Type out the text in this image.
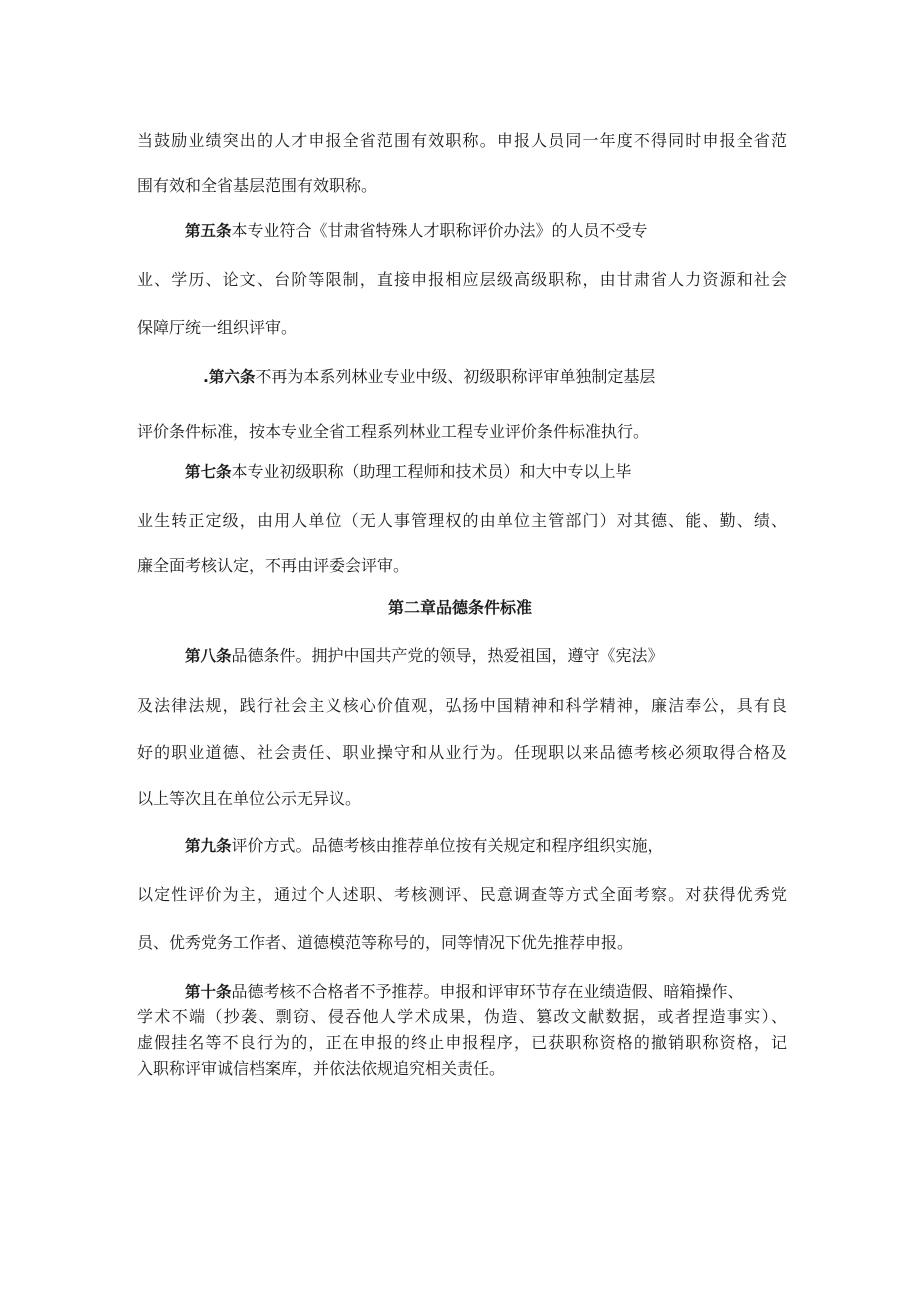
当鼓励业绩突出的人才申报全省范围有效职称。申报人员同一年度不得同时申报全省范
围有效和全省基层范围有效职称。
第五条本专业符合《甘肃省特殊人才职称评价办法》的人员不受专
业、学历、论文、台阶等限制，直接申报相应层级高级职称，由甘肃省人力资源和社会
保障厅统一组织评审。
.第六条不再为本系列林业专业中级、初级职称评审单独制定基层
评价条件标准，按本专业全省工程系列林业工程专业评价条件标准执行。
第七条本专业初级职称（助理工程师和技术员）和大中专以上毕
业生转正定级，由用人单位（无人事管理权的由单位主管部门）对其德、能、勤、绩、
廉全面考核认定，不再由评委会评审。
第二章品德条件标准
第八条品德条件。拥护中国共产党的领导，热爱祖国，遵守《宪法》
及法律法规，践行社会主义核心价值观，弘扬中国精神和科学精神，廉洁奉公，具有良
好的职业道德、社会责任、职业操守和从业行为。任现职以来品德考核必须取得合格及
以上等次且在单位公示无异议。
第九条评价方式。品德考核由推荐单位按有关规定和程序组织实施，
以定性评价为主，通过个人述职、考核测评、民意调查等方式全面考察。对获得优秀党
员、优秀党务工作者、道德模范等称号的，同等情况下优先推荐申报。
第十条品德考核不合格者不予推荐。申报和评审环节存在业绩造假、暗箱操作、
学术不端（抄袭、剽窃、侵吞他人学术成果，伪造、篡改文献数据，或者捏造事实）、
虚假挂名等不良行为的，正在申报的终止申报程序，已获职称资格的撤销职称资格，记
入职称评审诚信档案库，并依法依规追究相关责任。
